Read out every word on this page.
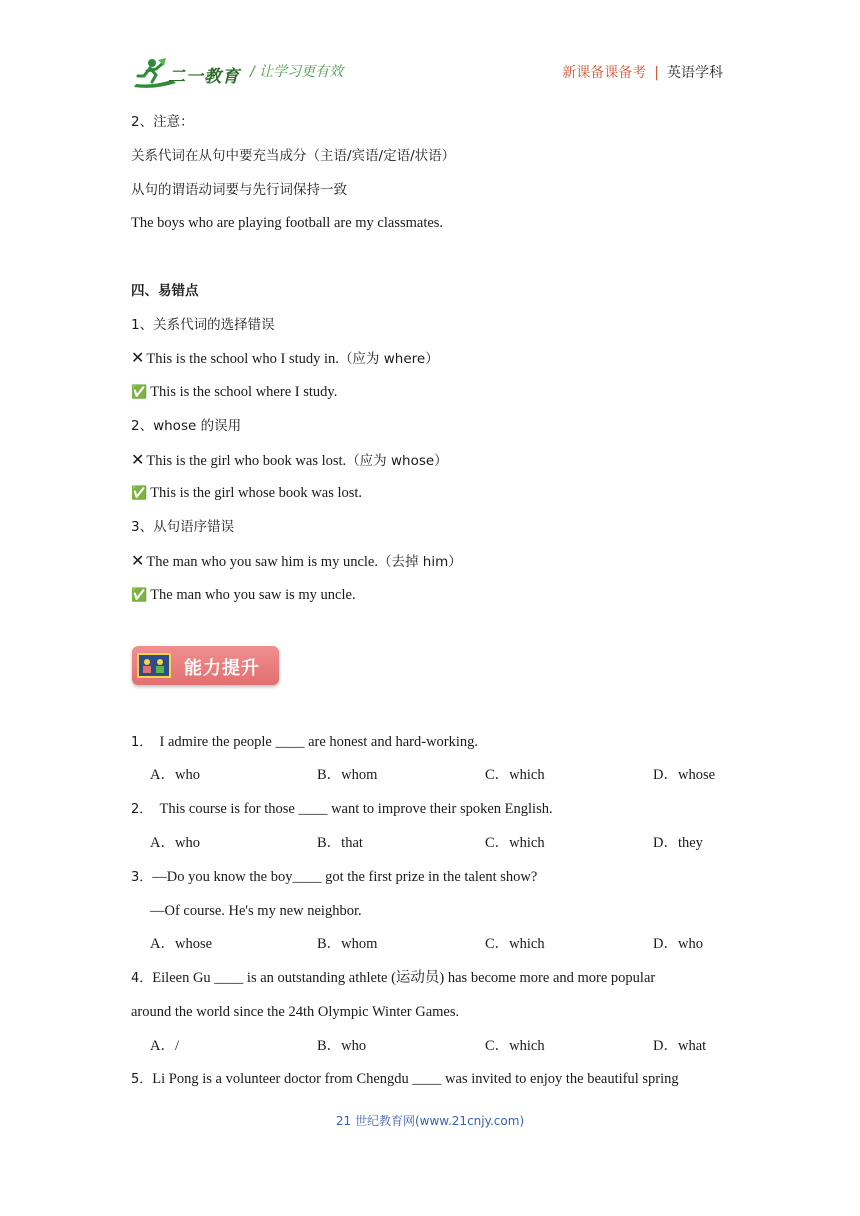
二一教育 / 让学习更有效	新课备课备考 | 英语学科
2、注意：
关系代词在从句中要充当成分（主语/宾语/定语/状语）
从句的谓语动词要与先行词保持一致
The boys who are playing football are my classmates.
四、易错点
1、关系代词的选择错误
✕ This is the school who I study in.（应为 where）
✅ This is the school where I study.
2、whose 的误用
✕ This is the girl who book was lost.（应为 whose）
✅ This is the girl whose book was lost.
3、从句语序错误
✕ The man who you saw him is my uncle.（去掉 him）
✅ The man who you saw is my uncle.
能力提升
1． I admire the people ____ are honest and hard-working.
A．who	B．whom	C．which	D．whose
2． This course is for those ____ want to improve their spoken English.
A．who	B．that	C．which	D．they
3．—Do you know the boy____ got the first prize in the talent show?
—Of course. He's my new neighbor.
A．whose	B．whom	C．which	D．who
4．Eileen Gu ____ is an outstanding athlete (运动员) has become more and more popular
around the world since the 24th Olympic Winter Games.
A．/	B．who	C．which	D．what
5．Li Pong is a volunteer doctor from Chengdu ____ was invited to enjoy the beautiful spring
21 世纪教育网(www.21cnjy.com)
